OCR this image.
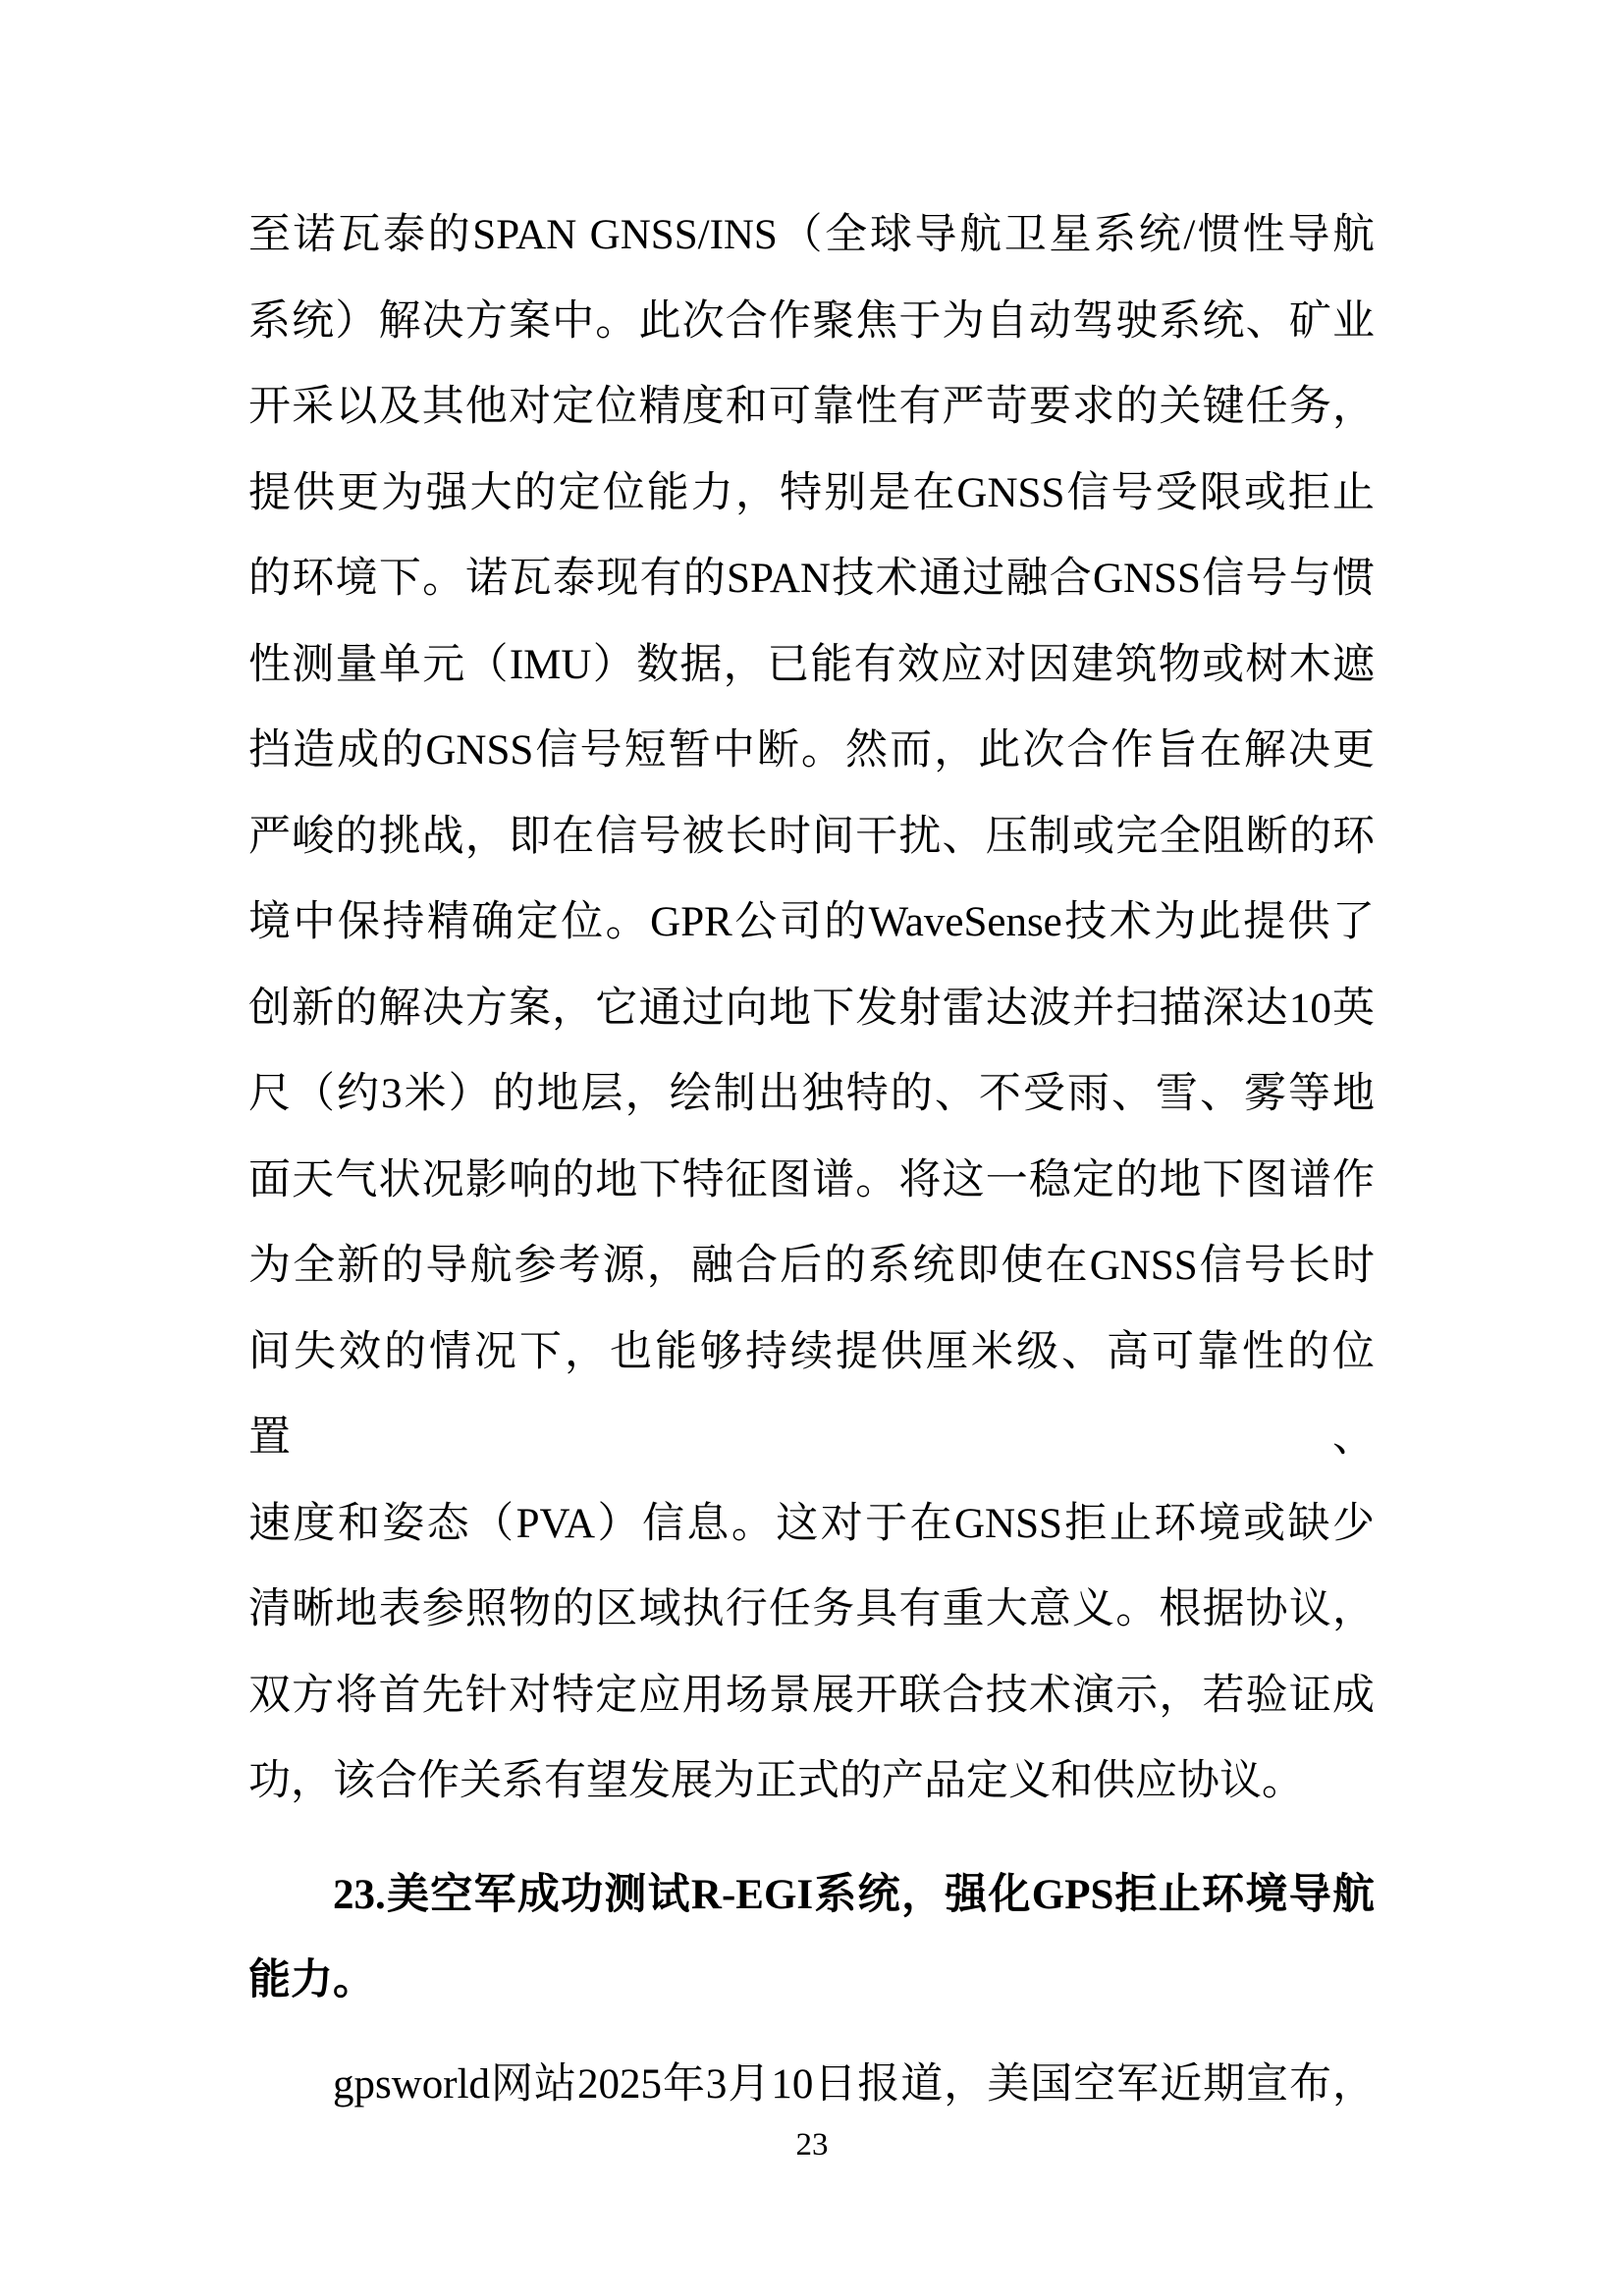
至诺瓦泰的SPAN GNSS/INS（全球导航卫星系统/惯性导航

系统）解决方案中。此次合作聚焦于为自动驾驶系统、矿业

开采以及其他对定位精度和可靠性有严苛要求的关键任务，

提供更为强大的定位能力，特别是在GNSS信号受限或拒止

的环境下。诺瓦泰现有的SPAN技术通过融合GNSS信号与惯

性测量单元（IMU）数据，已能有效应对因建筑物或树木遮

挡造成的GNSS信号短暂中断。然而，此次合作旨在解决更

严峻的挑战，即在信号被长时间干扰、压制或完全阻断的环

境中保持精确定位。GPR公司的WaveSense技术为此提供了

创新的解决方案，它通过向地下发射雷达波并扫描深达10英

尺（约3米）的地层，绘制出独特的、不受雨、雪、雾等地

面天气状况影响的地下特征图谱。将这一稳定的地下图谱作

为全新的导航参考源，融合后的系统即使在GNSS信号长时

间失效的情况下，也能够持续提供厘米级、高可靠性的位置、

速度和姿态（PVA）信息。这对于在GNSS拒止环境或缺少

清晰地表参照物的区域执行任务具有重大意义。根据协议，

双方将首先针对特定应用场景展开联合技术演示，若验证成

功，该合作关系有望发展为正式的产品定义和供应协议。

23.美空军成功测试R-EGI系统，强化GPS拒止环境导航

能力。

gpsworld网站2025年3月10日报道，美国空军近期宣布，

23
